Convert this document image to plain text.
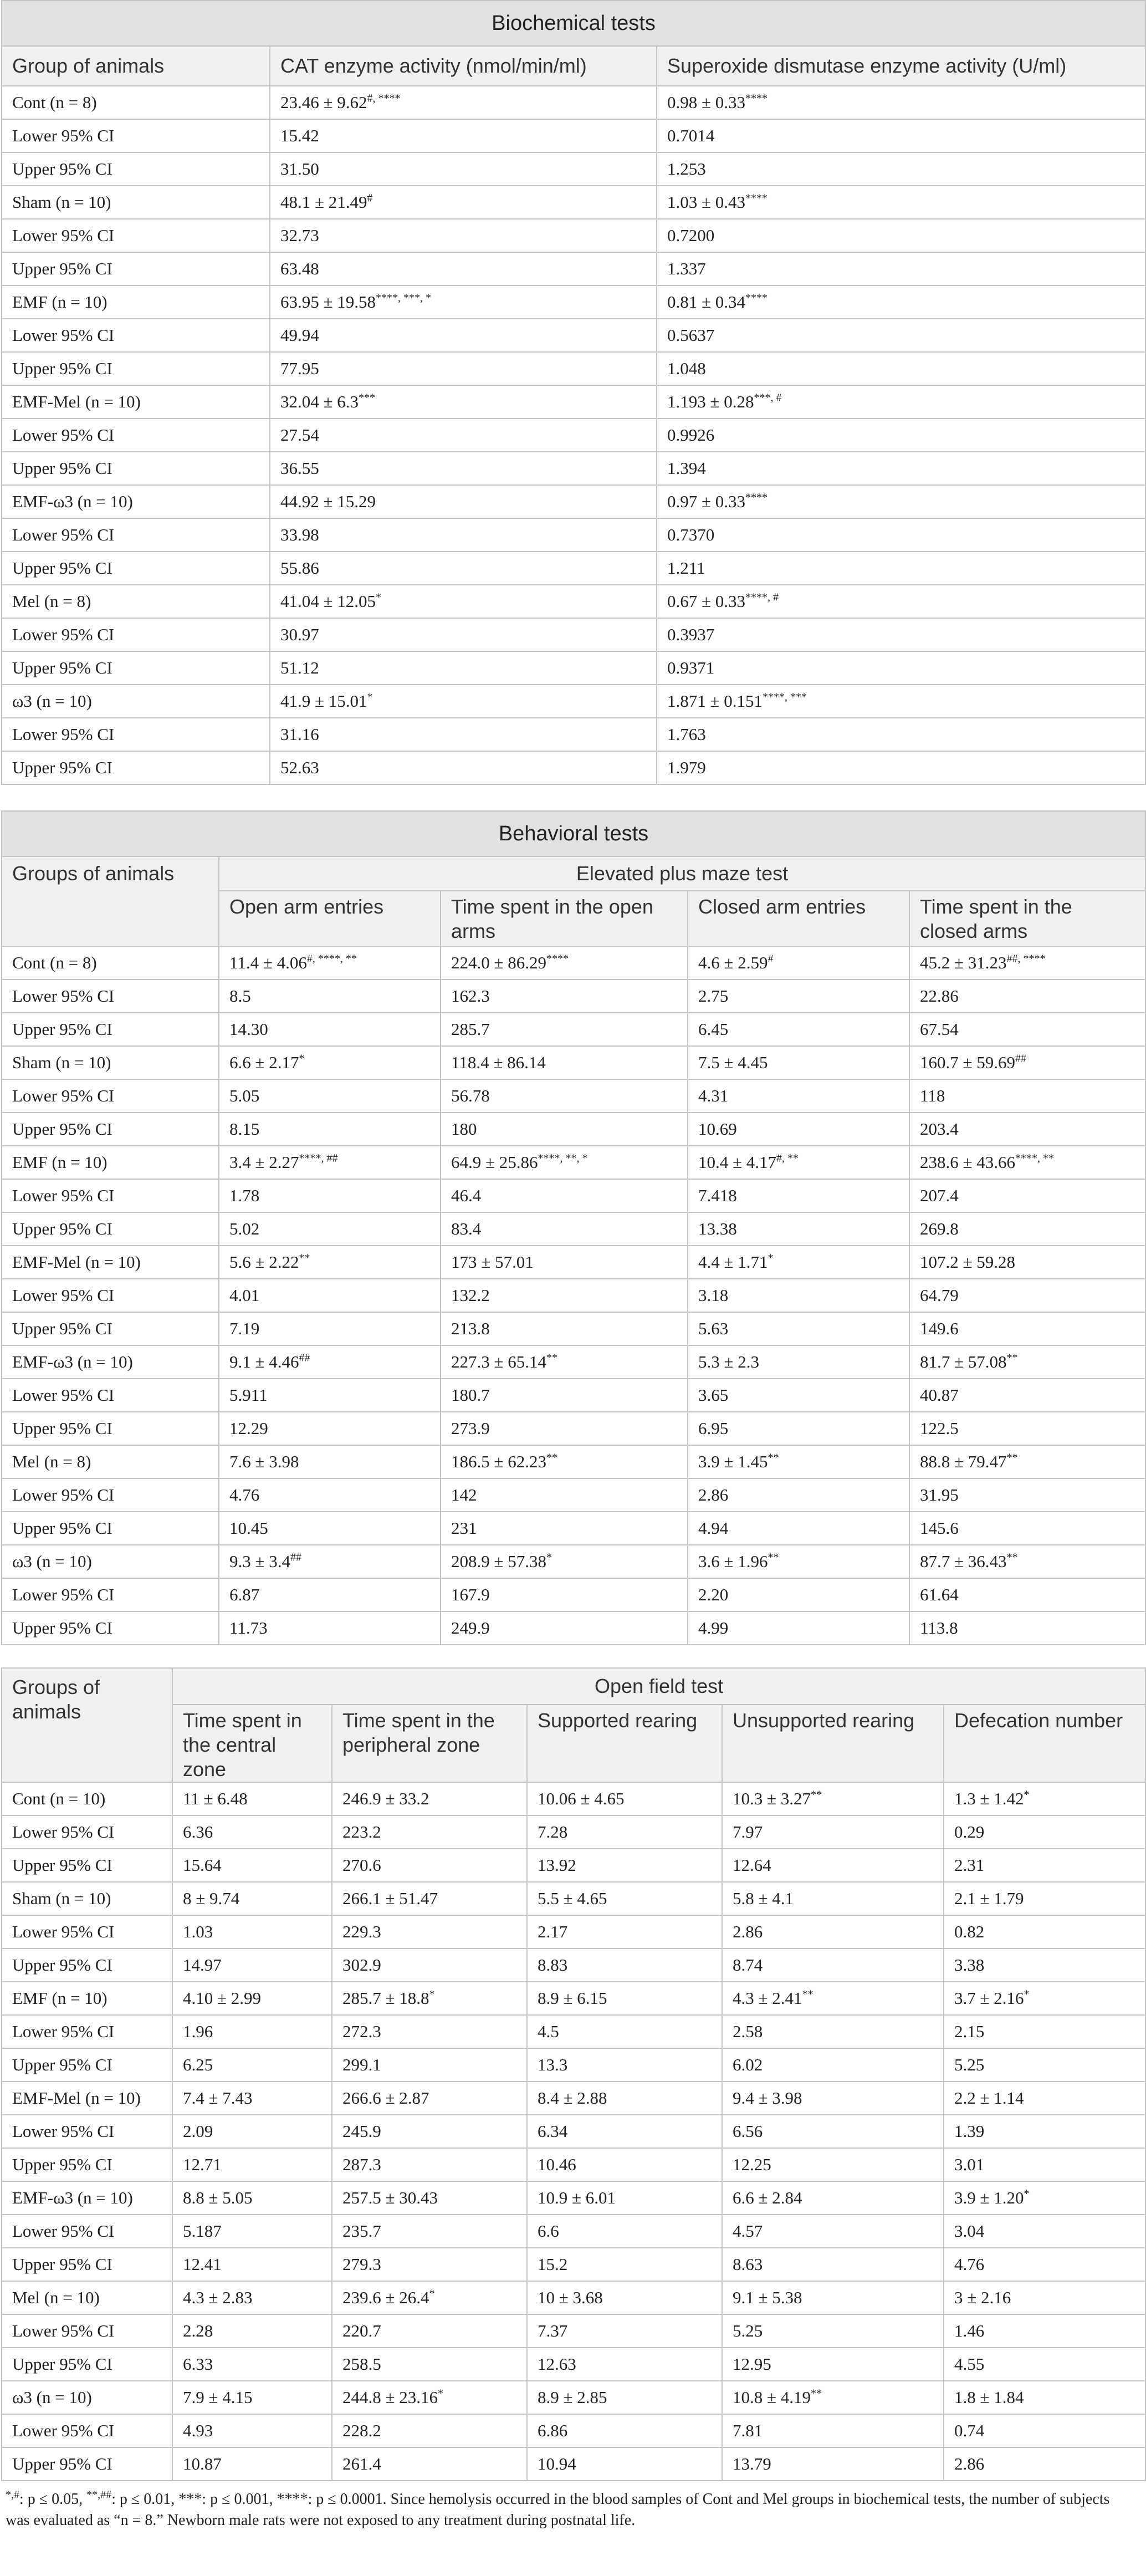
Biochemical tests		
Group of animals	CAT enzyme activity (nmol/min/ml)	Superoxide dismutase enzyme activity (U/ml)
Cont (n = 8)	23.46 ± 9.62#, ****	0.98 ± 0.33****
Lower 95% CI	15.42	0.7014
Upper 95% CI	31.50	1.253
Sham (n = 10)	48.1 ± 21.49#	1.03 ± 0.43****
Lower 95% CI	32.73	0.7200
Upper 95% CI	63.48	1.337
EMF (n = 10)	63.95 ± 19.58****, ***, *	0.81 ± 0.34****
Lower 95% CI	49.94	0.5637
Upper 95% CI	77.95	1.048
EMF-Mel (n = 10)	32.04 ± 6.3***	1.193 ± 0.28***, #
Lower 95% CI	27.54	0.9926
Upper 95% CI	36.55	1.394
EMF-ω3 (n = 10)	44.92 ± 15.29	0.97 ± 0.33****
Lower 95% CI	33.98	0.7370
Upper 95% CI	55.86	1.211
Mel (n = 8)	41.04 ± 12.05*	0.67 ± 0.33****, #
Lower 95% CI	30.97	0.3937
Upper 95% CI	51.12	0.9371
ω3 (n = 10)	41.9 ± 15.01*	1.871 ± 0.151****, ***
Lower 95% CI	31.16	1.763
Upper 95% CI	52.63	1.979
Behavioral tests				
Groups of animals	Elevated plus maze test			
	Open arm entries	Time spent in the open arms	Closed arm entries	Time spent in the closed arms
Cont (n = 8)	11.4 ± 4.06#, ****, **	224.0 ± 86.29****	4.6 ± 2.59#	45.2 ± 31.23##, ****
Lower 95% CI	8.5	162.3	2.75	22.86
Upper 95% CI	14.30	285.7	6.45	67.54
Sham (n = 10)	6.6 ± 2.17*	118.4 ± 86.14	7.5 ± 4.45	160.7 ± 59.69##
Lower 95% CI	5.05	56.78	4.31	118
Upper 95% CI	8.15	180	10.69	203.4
EMF (n = 10)	3.4 ± 2.27****, ##	64.9 ± 25.86****, **, *	10.4 ± 4.17#, **	238.6 ± 43.66****, **
Lower 95% CI	1.78	46.4	7.418	207.4
Upper 95% CI	5.02	83.4	13.38	269.8
EMF-Mel (n = 10)	5.6 ± 2.22**	173 ± 57.01	4.4 ± 1.71*	107.2 ± 59.28
Lower 95% CI	4.01	132.2	3.18	64.79
Upper 95% CI	7.19	213.8	5.63	149.6
EMF-ω3 (n = 10)	9.1 ± 4.46##	227.3 ± 65.14**	5.3 ± 2.3	81.7 ± 57.08**
Lower 95% CI	5.911	180.7	3.65	40.87
Upper 95% CI	12.29	273.9	6.95	122.5
Mel (n = 8)	7.6 ± 3.98	186.5 ± 62.23**	3.9 ± 1.45**	88.8 ± 79.47**
Lower 95% CI	4.76	142	2.86	31.95
Upper 95% CI	10.45	231	4.94	145.6
ω3 (n = 10)	9.3 ± 3.4##	208.9 ± 57.38*	3.6 ± 1.96**	87.7 ± 36.43**
Lower 95% CI	6.87	167.9	2.20	61.64
Upper 95% CI	11.73	249.9	4.99	113.8
Groups of animals	Open field test				
	Time spent in the central zone	Time spent in the peripheral zone	Supported rearing	Unsupported rearing	Defecation number
Cont (n = 10)	11 ± 6.48	246.9 ± 33.2	10.06 ± 4.65	10.3 ± 3.27**	1.3 ± 1.42*
Lower 95% CI	6.36	223.2	7.28	7.97	0.29
Upper 95% CI	15.64	270.6	13.92	12.64	2.31
Sham (n = 10)	8 ± 9.74	266.1 ± 51.47	5.5 ± 4.65	5.8 ± 4.1	2.1 ± 1.79
Lower 95% CI	1.03	229.3	2.17	2.86	0.82
Upper 95% CI	14.97	302.9	8.83	8.74	3.38
EMF (n = 10)	4.10 ± 2.99	285.7 ± 18.8*	8.9 ± 6.15	4.3 ± 2.41**	3.7 ± 2.16*
Lower 95% CI	1.96	272.3	4.5	2.58	2.15
Upper 95% CI	6.25	299.1	13.3	6.02	5.25
EMF-Mel (n = 10)	7.4 ± 7.43	266.6 ± 2.87	8.4 ± 2.88	9.4 ± 3.98	2.2 ± 1.14
Lower 95% CI	2.09	245.9	6.34	6.56	1.39
Upper 95% CI	12.71	287.3	10.46	12.25	3.01
EMF-ω3 (n = 10)	8.8 ± 5.05	257.5 ± 30.43	10.9 ± 6.01	6.6 ± 2.84	3.9 ± 1.20*
Lower 95% CI	5.187	235.7	6.6	4.57	3.04
Upper 95% CI	12.41	279.3	15.2	8.63	4.76
Mel (n = 10)	4.3 ± 2.83	239.6 ± 26.4*	10 ± 3.68	9.1 ± 5.38	3 ± 2.16
Lower 95% CI	2.28	220.7	7.37	5.25	1.46
Upper 95% CI	6.33	258.5	12.63	12.95	4.55
ω3 (n = 10)	7.9 ± 4.15	244.8 ± 23.16*	8.9 ± 2.85	10.8 ± 4.19**	1.8 ± 1.84
Lower 95% CI	4.93	228.2	6.86	7.81	0.74
Upper 95% CI	10.87	261.4	10.94	13.79	2.86
*,#: p ≤ 0.05, **,##: p ≤ 0.01, ***: p ≤ 0.001, ****: p ≤ 0.0001. Since hemolysis occurred in the blood samples of Cont and Mel groups in biochemical tests, the number of subjects was evaluated as “n = 8.” Newborn male rats were not exposed to any treatment during postnatal life.
